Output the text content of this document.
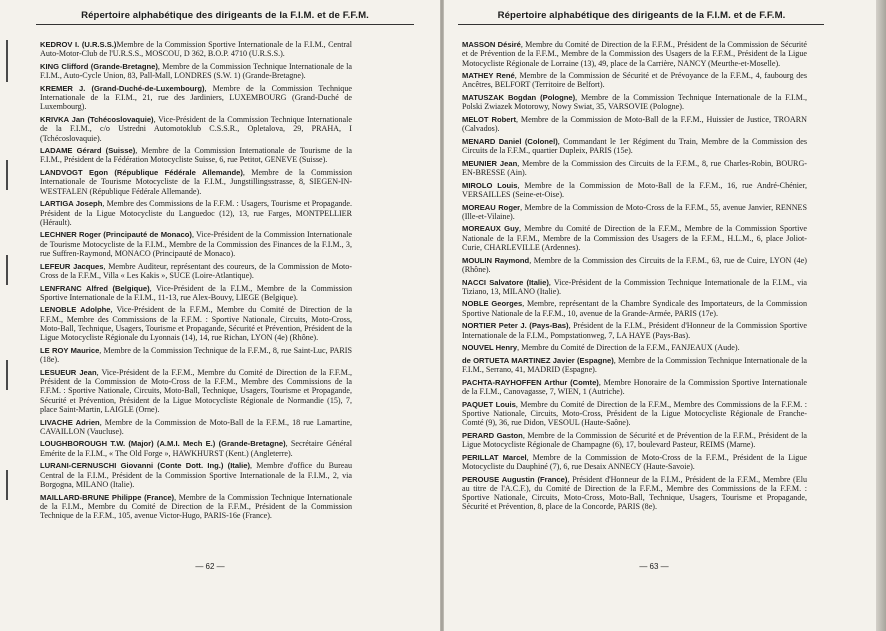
Répertoire alphabétique des dirigeants de la F.I.M. et de F.F.M.
KEDROV I. (U.R.S.S.)Membre de la Commission Sportive Internationale de la F.I.M., Central Auto-Motor-Club de l'U.R.S.S., MOSCOU, D 362, B.O.P. 4710 (U.R.S.S.).
KING Clifford (Grande-Bretagne), Membre de la Commission Technique Internationale de la F.I.M., Auto-Cycle Union, 83, Pall-Mall, LONDRES (S.W. 1) (Grande-Bretagne).
KREMER J. (Grand-Duché-de-Luxembourg), Membre de la Commission Technique Internationale de la F.I.M., 21, rue des Jardiniers, LUXEMBOURG (Grand-Duché de Luxembourg).
KRIVKA Jan (Tchécoslovaquie), Vice-Président de la Commission Technique Internationale de la F.I.M., c/o Ustredni Automotoklub C.S.S.R., Opletalova, 29, PRAHA, I (Tchécoslovaquie).
LADAME Gérard (Suisse), Membre de la Commission Internationale de Tourisme de la F.I.M., Président de la Fédération Motocycliste Suisse, 6, rue Petitot, GENEVE (Suisse).
LANDVOGT Egon (République Fédérale Allemande), Membre de la Commission Internationale de Tourisme Motocycliste de la F.I.M., Jungstillingsstrasse, 8, SIEGEN-IN-WESTFALEN (République Fédérale Allemande).
LARTIGA Joseph, Membre des Commissions de la F.F.M. : Usagers, Tourisme et Propagande. Président de la Ligue Motocycliste du Languedoc (12), 13, rue Farges, MONTPELLIER (Hérault).
LECHNER Roger (Principauté de Monaco), Vice-Président de la Commission Internationale de Tourisme Motocycliste de la F.I.M., Membre de la Commission des Finances de la F.I.M., 3, rue Suffren-Raymond, MONACO (Principauté de Monaco).
LEFEUR Jacques, Membre Auditeur, représentant des coureurs, de la Commission de Moto-Cross de la F.F.M., Villa « Les Kakis », SUCE (Loire-Atlantique).
LENFRANC Alfred (Belgique), Vice-Président de la F.I.M., Membre de la Commission Sportive Internationale de la F.I.M., 11-13, rue Alex-Bouvy, LIEGE (Belgique).
LENOBLE Adolphe, Vice-Président de la F.F.M., Membre du Comité de Direction de la F.F.M., Membre des Commissions de la F.F.M. : Sportive Nationale, Circuits, Moto-Cross, Moto-Ball, Technique, Usagers, Tourisme et Propagande, Sécurité et Prévention, Président de la Ligue Motocycliste Régionale du Lyonnais (14), 14, rue Richan, LYON (4e) (Rhône).
LE ROY Maurice, Membre de la Commission Technique de la F.F.M., 8, rue Saint-Luc, PARIS (18e).
LESUEUR Jean, Vice-Président de la F.F.M., Membre du Comité de Direction de la F.F.M., Président de la Commission de Moto-Cross de la F.F.M., Membre des Commissions de la F.F.M. : Sportive Nationale, Circuits, Moto-Ball, Technique, Usagers, Tourisme et Propagande, Sécurité et Prévention, Président de la Ligue Motocycliste Régionale de Normandie (15), 7, place Saint-Martin, LAIGLE (Orne).
LIVACHE Adrien, Membre de la Commission de Moto-Ball de la F.F.M., 18 rue Lamartine, CAVAILLON (Vaucluse).
LOUGHBOROUGH T.W. (Major) (A.M.I. Mech E.) (Grande-Bretagne), Secrétaire Général Emérite de la F.I.M., « The Old Forge », HAWKHURST (Kent.) (Angleterre).
LURANI-CERNUSCHI Giovanni (Conte Dott. Ing.) (Italie), Membre d'office du Bureau Central de la F.I.M., Président de la Commission Sportive Internationale de la F.I.M., 2, via Borgogna, MILANO (Italie).
MAILLARD-BRUNE Philippe (France), Membre de la Commission Technique Internationale de la F.I.M., Membre du Comité de Direction de la F.F.M., Président de la Commission Technique de la F.F.M., 105, avenue Victor-Hugo, PARIS-16e (France).
— 62 —
Répertoire alphabétique des dirigeants de la F.I.M. et de F.F.M.
MASSON Désiré, Membre du Comité de Direction de la F.F.M., Président de la Commission de Sécurité et de Prévention de la F.F.M., Membre de la Commission des Usagers de la F.F.M., Président de la Ligue Motocycliste Régionale de Lorraine (13), 49, place de la Carrière, NANCY (Meurthe-et-Moselle).
MATHEY René, Membre de la Commission de Sécurité et de Prévoyance de la F.F.M., 4, faubourg des Ancêtres, BELFORT (Territoire de Belfort).
MATUSZAK Bogdan (Pologne), Membre de la Commission Technique Internationale de la F.I.M., Polski Zwiazek Motorowy, Nowy Swiat, 35, VARSOVIE (Pologne).
MELOT Robert, Membre de la Commission de Moto-Ball de la F.F.M., Huissier de Justice, TROARN (Calvados).
MENARD Daniel (Colonel), Commandant le 1er Régiment du Train, Membre de la Commission des Circuits de la F.F.M., quartier Dupleix, PARIS (15e).
MEUNIER Jean, Membre de la Commission des Circuits de la F.F.M., 8, rue Charles-Robin, BOURG-EN-BRESSE (Ain).
MIROLO Louis, Membre de la Commission de Moto-Ball de la F.F.M., 16, rue André-Chénier, VERSAILLES (Seine-et-Oise).
MOREAU Roger, Membre de la Commission de Moto-Cross de la F.F.M., 55, avenue Janvier, RENNES (Ille-et-Vilaine).
MOREAUX Guy, Membre du Comité de Direction de la F.F.M., Membre de la Commission Sportive Nationale de la F.F.M., Membre de la Commission des Usagers de la F.F.M., H.L.M., 6, place Joliot-Curie, CHARLEVILLE (Ardennes).
MOULIN Raymond, Membre de la Commission des Circuits de la F.F.M., 63, rue de Cuire, LYON (4e) (Rhône).
NACCI Salvatore (Italie), Vice-Président de la Commission Technique Internationale de la F.I.M., via Tiziano, 13, MILANO (Italie).
NOBLE Georges, Membre, représentant de la Chambre Syndicale des Importateurs, de la Commission Sportive Nationale de la F.F.M., 10, avenue de la Grande-Armée, PARIS (17e).
NORTIER Peter J. (Pays-Bas), Président de la F.I.M., Président d'Honneur de la Commission Sportive Internationale de la F.I.M., Pompstationweg, 7, LA HAYE (Pays-Bas).
NOUVEL Henry, Membre du Comité de Direction de la F.F.M., FANJEAUX (Aude).
de ORTUETA MARTINEZ Javier (Espagne), Membre de la Commission Technique Internationale de la F.I.M., Serrano, 41, MADRID (Espagne).
PACHTA-RAYHOFFEN Arthur (Comte), Membre Honoraire de la Commission Sportive Internationale de la F.I.M., Canovagasse, 7, WIEN, 1 (Autriche).
PAQUET Louis, Membre du Comité de Direction de la F.F.M., Membre des Commissions de la F.F.M. : Sportive Nationale, Circuits, Moto-Cross, Président de la Ligue Motocycliste Régionale de Franche-Comté (9), 36, rue Didon, VESOUL (Haute-Saône).
PERARD Gaston, Membre de la Commission de Sécurité et de Prévention de la F.F.M., Président de la Ligue Motocycliste Régionale de Champagne (6), 17, boulevard Pasteur, REIMS (Marne).
PERILLAT Marcel, Membre de la Commission de Moto-Cross de la F.F.M., Président de la Ligue Motocycliste du Dauphiné (7), 6, rue Desaix ANNECY (Haute-Savoie).
PEROUSE Augustin (France), Président d'Honneur de la F.I.M., Président de la F.F.M., Membre (Elu au titre de l'A.C.F.), du Comité de Direction de la F.F.M., Membre des Commissions de la F.F.M. : Sportive Nationale, Circuits, Moto-Cross, Moto-Ball, Technique, Usagers, Tourisme et Propagande, Sécurité et Prévention, 8, place de la Concorde, PARIS (8e).
— 63 —
